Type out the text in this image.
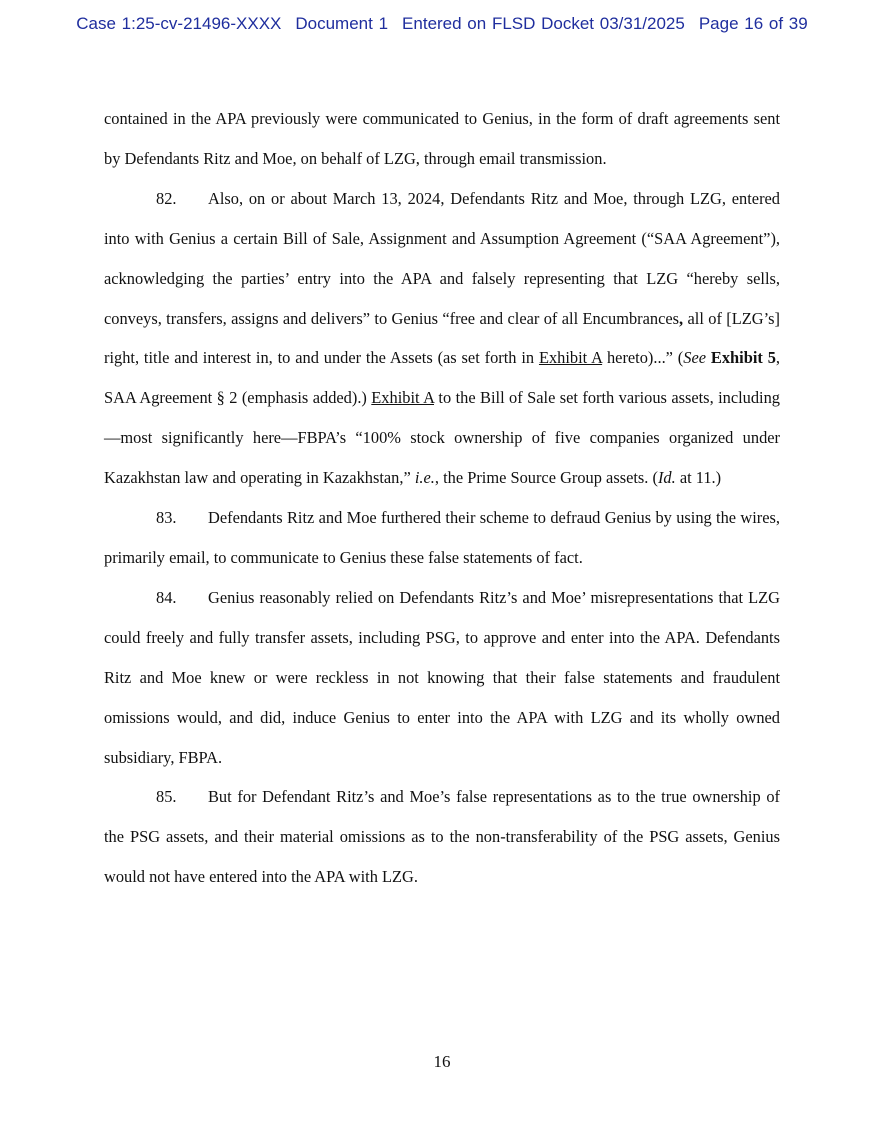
Case 1:25-cv-21496-XXXX Document 1 Entered on FLSD Docket 03/31/2025 Page 16 of 39

contained in the APA previously were communicated to Genius, in the form of draft agreements sent by Defendants Ritz and Moe, on behalf of LZG, through email transmission.

82. Also, on or about March 13, 2024, Defendants Ritz and Moe, through LZG, entered into with Genius a certain Bill of Sale, Assignment and Assumption Agreement (“SAA Agreement”), acknowledging the parties’ entry into the APA and falsely representing that LZG “hereby sells, conveys, transfers, assigns and delivers” to Genius “free and clear of all Encumbrances, all of [LZG’s] right, title and interest in, to and under the Assets (as set forth in Exhibit A hereto)...” (See Exhibit 5, SAA Agreement § 2 (emphasis added).) Exhibit A to the Bill of Sale set forth various assets, including—most significantly here—FBPA’s “100% stock ownership of five companies organized under Kazakhstan law and operating in Kazakhstan,” i.e., the Prime Source Group assets. (Id. at 11.)

83. Defendants Ritz and Moe furthered their scheme to defraud Genius by using the wires, primarily email, to communicate to Genius these false statements of fact.

84. Genius reasonably relied on Defendants Ritz’s and Moe’ misrepresentations that LZG could freely and fully transfer assets, including PSG, to approve and enter into the APA. Defendants Ritz and Moe knew or were reckless in not knowing that their false statements and fraudulent omissions would, and did, induce Genius to enter into the APA with LZG and its wholly owned subsidiary, FBPA.

85. But for Defendant Ritz’s and Moe’s false representations as to the true ownership of the PSG assets, and their material omissions as to the non-transferability of the PSG assets, Genius would not have entered into the APA with LZG.

16
